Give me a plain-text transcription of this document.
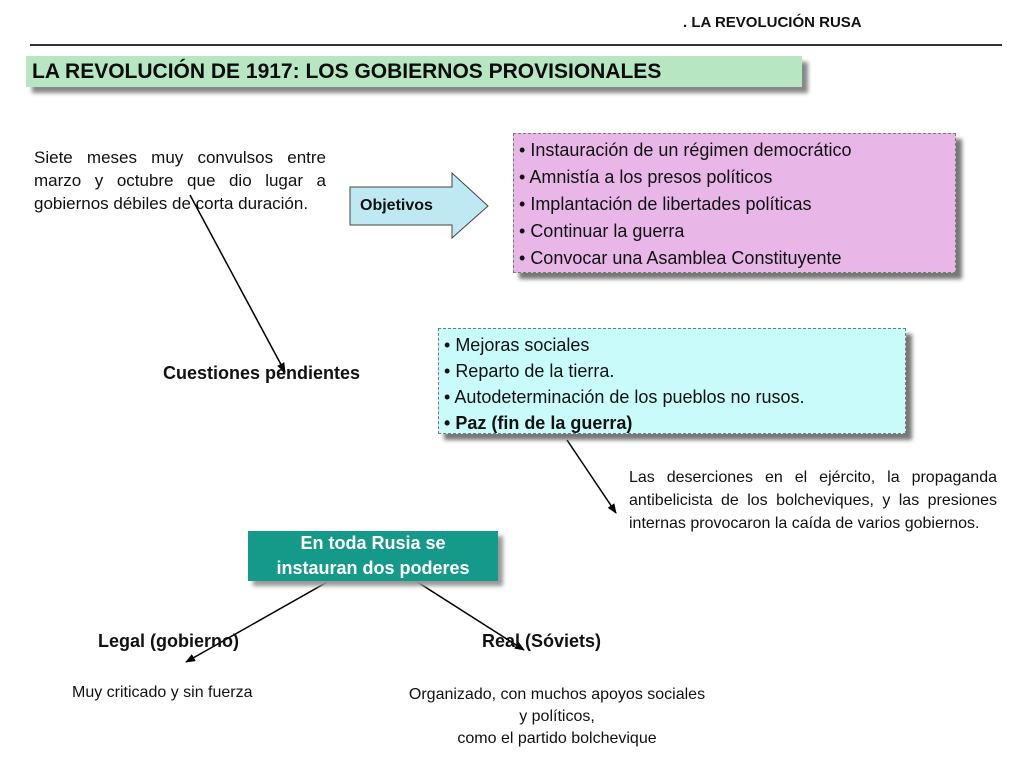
. LA REVOLUCIÓN RUSA
LA REVOLUCIÓN DE 1917: LOS GOBIERNOS PROVISIONALES
Siete meses muy convulsos entre marzo y octubre que dio lugar a gobiernos débiles de corta duración.	Objetivos
• Instauración de un régimen democrático
• Amnistía a los presos políticos
• Implantación de libertades políticas
• Continuar la guerra
• Convocar una Asamblea Constituyente
Cuestiones pendientes
• Mejoras sociales
• Reparto de la tierra.
• Autodeterminación de los pueblos no rusos.
• Paz (fin de la guerra)
Las deserciones en el ejército, la propaganda antibelicista de los bolcheviques, y las presiones internas provocaron la caída de varios gobiernos.
En toda Rusia se
instauran dos poderes
Legal (gobierno)	Real (Sóviets)
Muy criticado y sin fuerza	Organizado, con muchos apoyos sociales
y políticos,
como el partido bolchevique
